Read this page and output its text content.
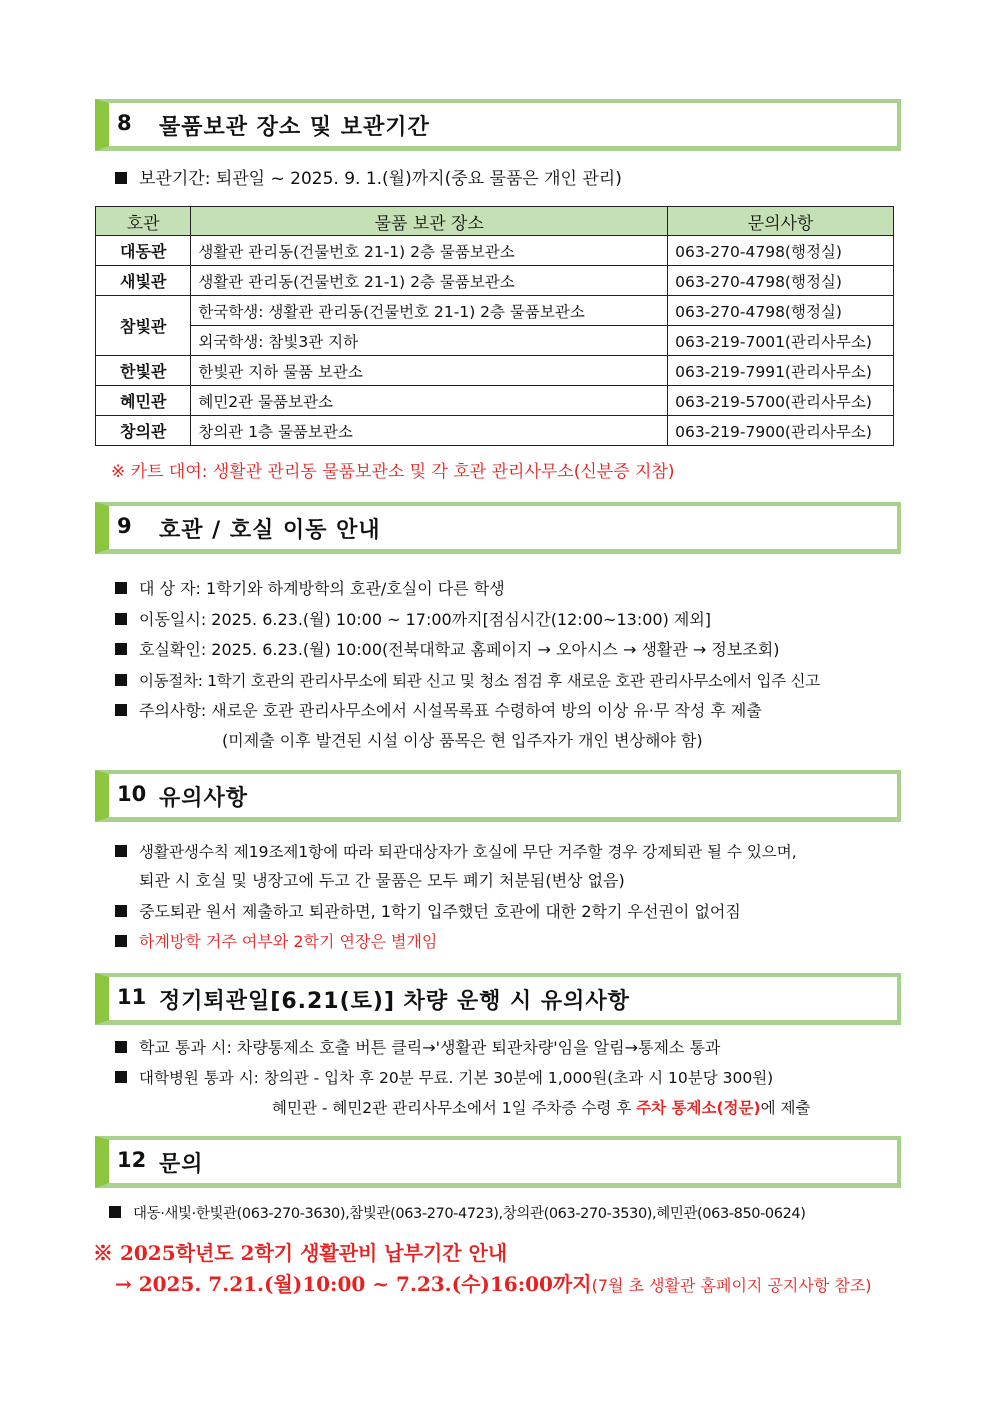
8 물품보관 장소 및 보관기간
보관기간: 퇴관일 ~ 2025. 9. 1.(월)까지(중요 물품은 개인 관리)
호관	물품 보관 장소	문의사항
대동관	생활관 관리동(건물번호 21-1) 2층 물품보관소	063-270-4798(행정실)
새빛관	생활관 관리동(건물번호 21-1) 2층 물품보관소	063-270-4798(행정실)
참빛관	한국학생: 생활관 관리동(건물번호 21-1) 2층 물품보관소	063-270-4798(행정실)
	외국학생: 참빛3관 지하	063-219-7001(관리사무소)
한빛관	한빛관 지하 물품 보관소	063-219-7991(관리사무소)
혜민관	혜민2관 물품보관소	063-219-5700(관리사무소)
창의관	창의관 1층 물품보관소	063-219-7900(관리사무소)
※ 카트 대여: 생활관 관리동 물품보관소 및 각 호관 관리사무소(신분증 지참)
9 호관 / 호실 이동 안내
대 상 자: 1학기와 하계방학의 호관/호실이 다른 학생
이동일시: 2025. 6.23.(월) 10:00 ~ 17:00까지[점심시간(12:00~13:00) 제외]
호실확인: 2025. 6.23.(월) 10:00(전북대학교 홈페이지 → 오아시스 → 생활관 → 정보조회)
이동절차: 1학기 호관의 관리사무소에 퇴관 신고 및 청소 점검 후 새로운 호관 관리사무소에서 입주 신고
주의사항: 새로운 호관 관리사무소에서 시설목록표 수령하여 방의 이상 유·무 작성 후 제출
(미제출 이후 발견된 시설 이상 품목은 현 입주자가 개인 변상해야 함)
10 유의사항
생활관생수칙 제19조제1항에 따라 퇴관대상자가 호실에 무단 거주할 경우 강제퇴관 될 수 있으며,
퇴관 시 호실 및 냉장고에 두고 간 물품은 모두 폐기 처분됨(변상 없음)
중도퇴관 원서 제출하고 퇴관하면, 1학기 입주했던 호관에 대한 2학기 우선권이 없어짐
하계방학 거주 여부와 2학기 연장은 별개임
11 정기퇴관일[6.21(토)] 차량 운행 시 유의사항
학교 통과 시: 차량통제소 호출 버튼 클릭→'생활관 퇴관차량'임을 알림→통제소 통과
대학병원 통과 시: 창의관 - 입차 후 20분 무료. 기본 30분에 1,000원(초과 시 10분당 300원)
혜민관 - 혜민2관 관리사무소에서 1일 주차증 수령 후 주차 통제소(정문)에 제출
12 문의
대동·새빛·한빛관(063-270-3630),참빛관(063-270-4723),창의관(063-270-3530),혜민관(063-850-0624)
※ 2025학년도 2학기 생활관비 납부기간 안내
→ 2025. 7.21.(월)10:00 ~ 7.23.(수)16:00까지(7월 초 생활관 홈페이지 공지사항 참조)
